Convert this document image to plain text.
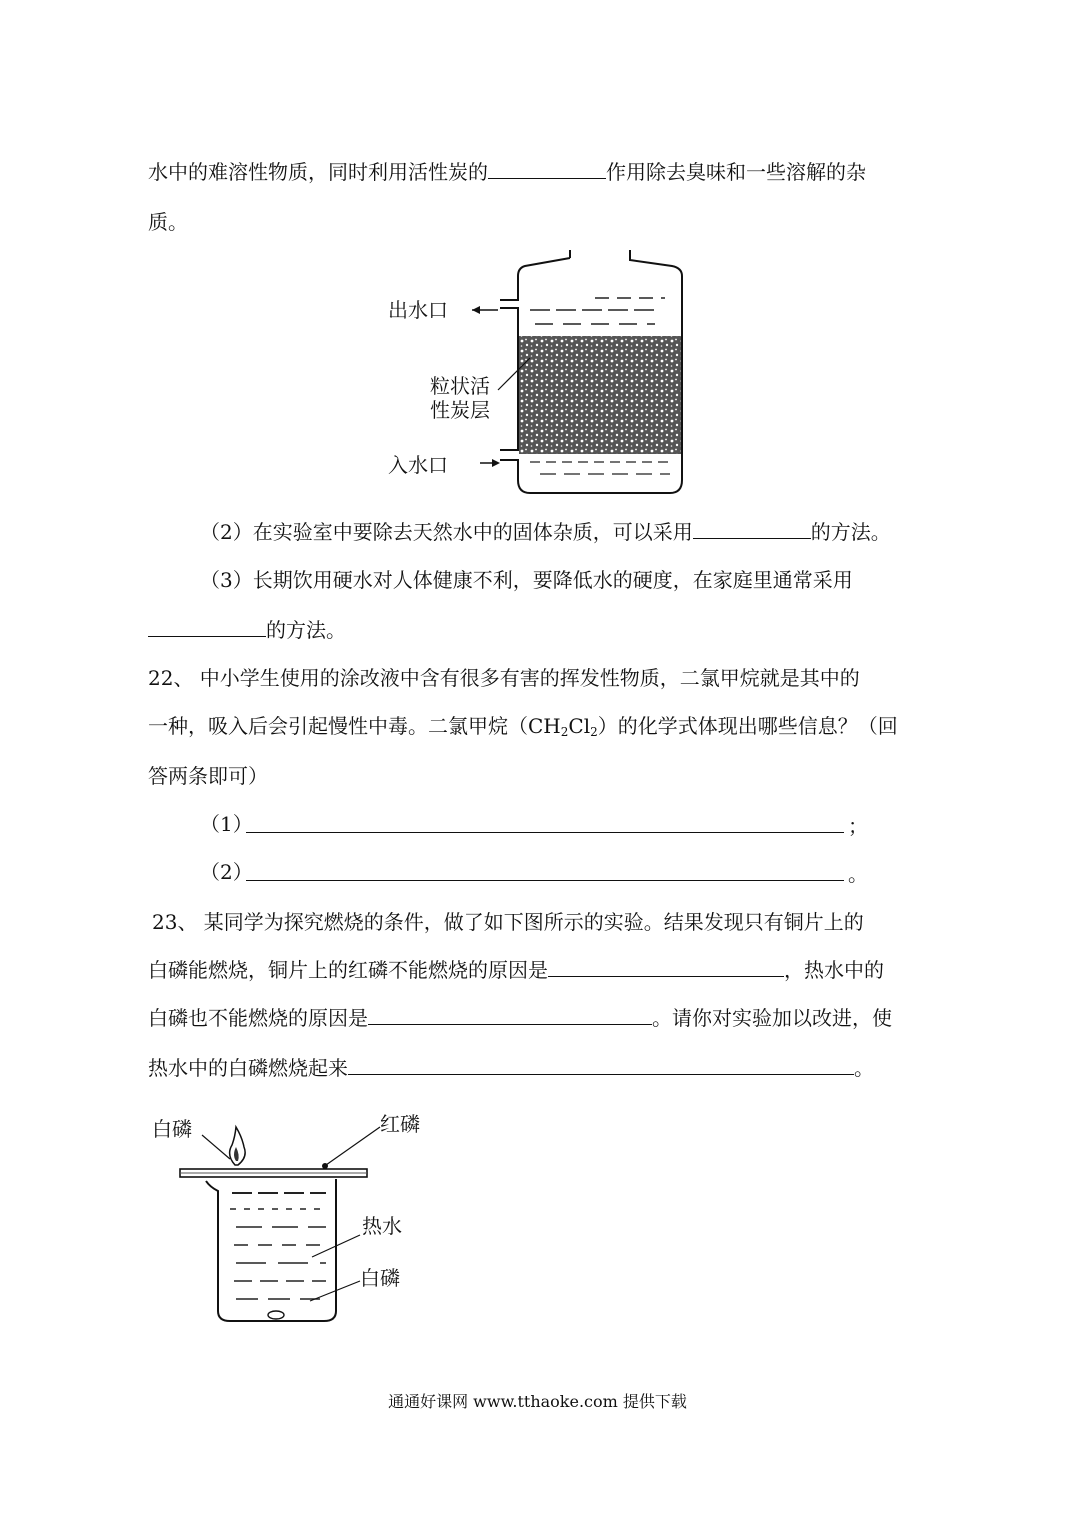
水中的难溶性物质，同时利用活性炭的	作用除去臭味和一些溶解的杂
质。
出水口
粒状活
性炭层
入水口
（2）在实验室中要除去天然水中的固体杂质，可以采用	的方法。
（3）长期饮用硬水对人体健康不利，要降低水的硬度，在家庭里通常采用
的方法。
22、 中小学生使用的涂改液中含有很多有害的挥发性物质，二氯甲烷就是其中的
一种，吸入后会引起慢性中毒。二氯甲烷$(CH_2Cl_2)$的化学式体现出哪些信息？（回
答两条即可）
（1）	；
（2）	。
23、 某同学为探究燃烧的条件，做了如下图所示的实验。结果发现只有铜片上的
白磷能燃烧，铜片上的红磷不能燃烧的原因是	，热水中的
白磷也不能燃烧的原因是	。请你对实验加以改进，使
热水中的白磷燃烧起来	。
白磷	红磷
热水
白磷
通通好课网 www.tthaoke.com 提供下载
